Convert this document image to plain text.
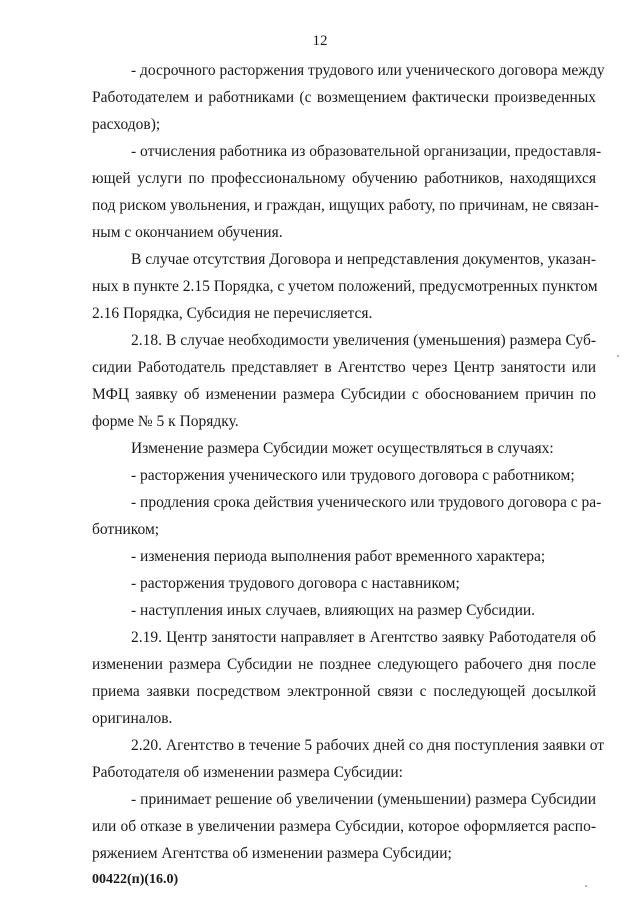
12
- досрочного расторжения трудового или ученического договора между
Работодателем и работниками (с возмещением фактически произведенных
расходов);
- отчисления работника из образовательной организации, предоставля-
ющей услуги по профессиональному обучению работников, находящихся
под риском увольнения, и граждан, ищущих работу, по причинам, не связан-
ным с окончанием обучения.
В случае отсутствия Договора и непредставления документов, указан-
ных в пункте 2.15 Порядка, с учетом положений, предусмотренных пунктом
2.16 Порядка, Субсидия не перечисляется.
2.18. В случае необходимости увеличения (уменьшения) размера Суб-
сидии Работодатель представляет в Агентство через Центр занятости или
МФЦ заявку об изменении размера Субсидии с обоснованием причин по
форме № 5 к Порядку.
Изменение размера Субсидии может осуществляться в случаях:
- расторжения ученического или трудового договора с работником;
- продления срока действия ученического или трудового договора с ра-
ботником;
- изменения периода выполнения работ временного характера;
- расторжения трудового договора с наставником;
- наступления иных случаев, влияющих на размер Субсидии.
2.19. Центр занятости направляет в Агентство заявку Работодателя об
изменении размера Субсидии не позднее следующего рабочего дня после
приема заявки посредством электронной связи с последующей досылкой
оригиналов.
2.20. Агентство в течение 5 рабочих дней со дня поступления заявки от
Работодателя об изменении размера Субсидии:
- принимает решение об увеличении (уменьшении) размера Субсидии
или об отказе в увеличении размера Субсидии, которое оформляется распо-
ряжением Агентства об изменении размера Субсидии;
00422(п)(16.0)
